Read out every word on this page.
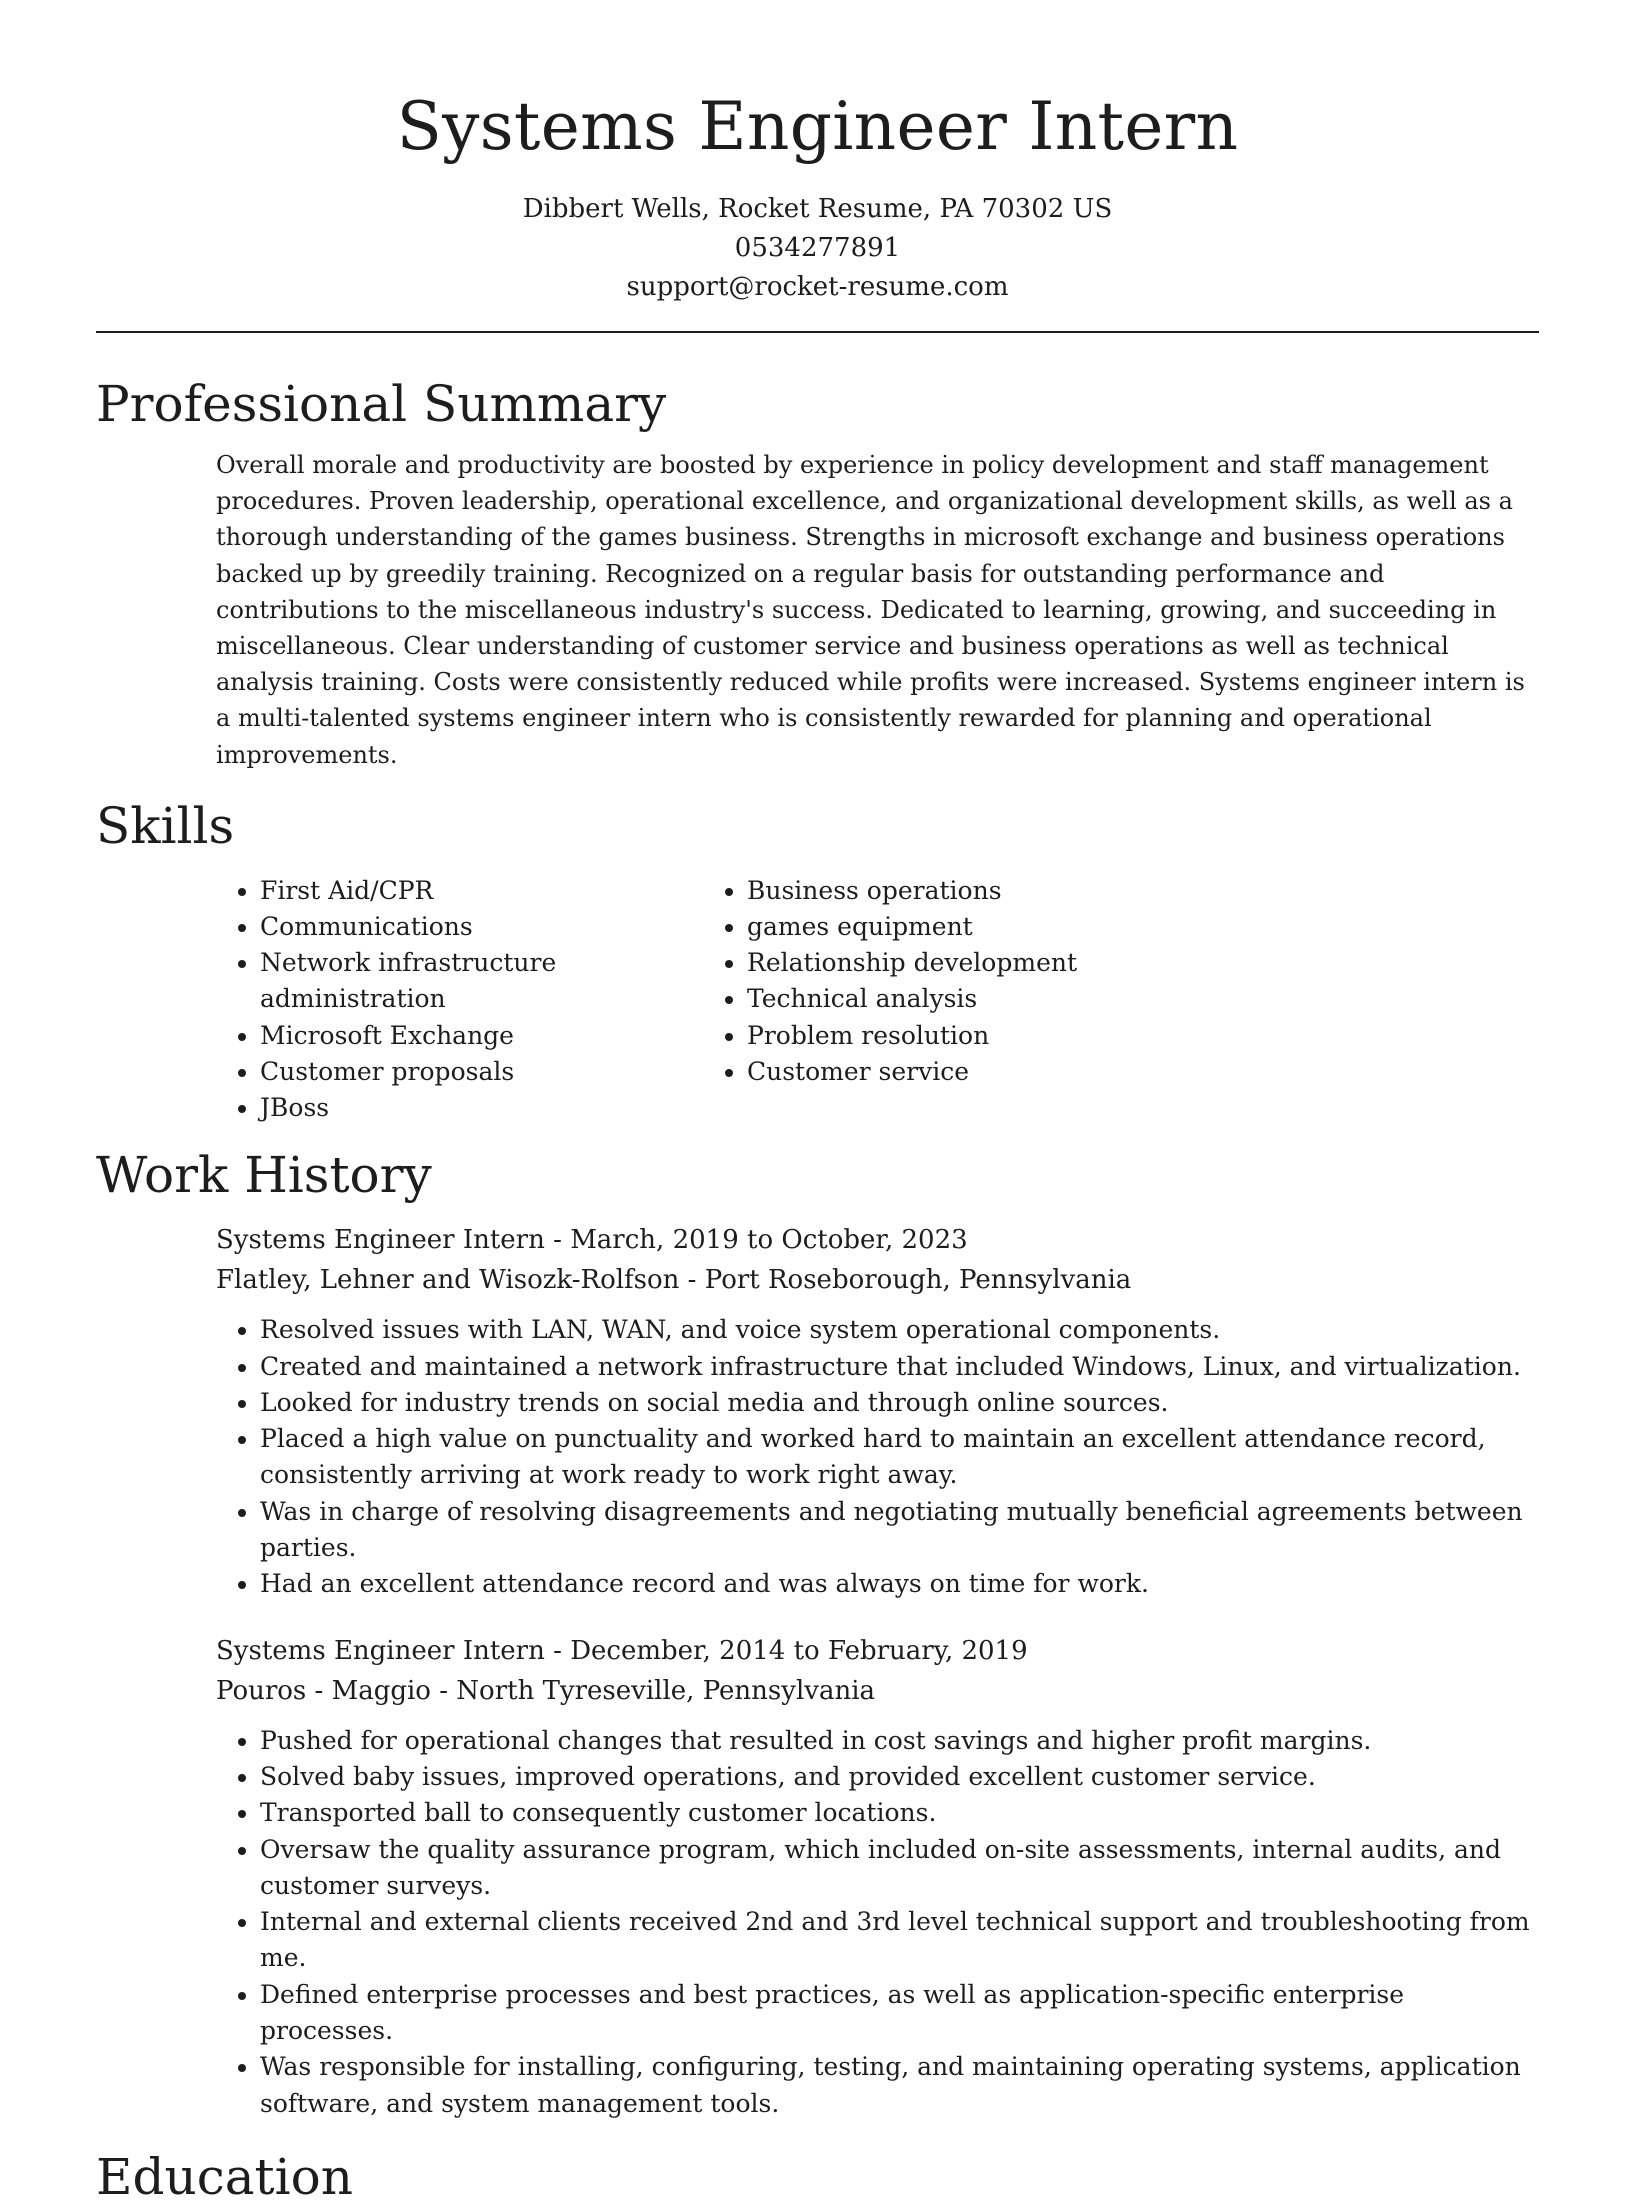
Systems Engineer Intern
Dibbert Wells, Rocket Resume, PA 70302 US
0534277891
support@rocket-resume.com
Professional Summary
Overall morale and productivity are boosted by experience in policy development and staff management procedures. Proven leadership, operational excellence, and organizational development skills, as well as a thorough understanding of the games business. Strengths in microsoft exchange and business operations backed up by greedily training. Recognized on a regular basis for outstanding performance and contributions to the miscellaneous industry's success. Dedicated to learning, growing, and succeeding in miscellaneous. Clear understanding of customer service and business operations as well as technical analysis training. Costs were consistently reduced while profits were increased. Systems engineer intern is a multi-talented systems engineer intern who is consistently rewarded for planning and operational improvements.
Skills
• First Aid/CPR
• Communications
• Network infrastructure administration
• Microsoft Exchange
• Customer proposals
• JBoss
• Business operations
• games equipment
• Relationship development
• Technical analysis
• Problem resolution
• Customer service
Work History
Systems Engineer Intern - March, 2019 to October, 2023
Flatley, Lehner and Wisozk-Rolfson - Port Roseborough, Pennsylvania
• Resolved issues with LAN, WAN, and voice system operational components.
• Created and maintained a network infrastructure that included Windows, Linux, and virtualization.
• Looked for industry trends on social media and through online sources.
• Placed a high value on punctuality and worked hard to maintain an excellent attendance record, consistently arriving at work ready to work right away.
• Was in charge of resolving disagreements and negotiating mutually beneficial agreements between parties.
• Had an excellent attendance record and was always on time for work.
Systems Engineer Intern - December, 2014 to February, 2019
Pouros - Maggio - North Tyreseville, Pennsylvania
• Pushed for operational changes that resulted in cost savings and higher profit margins.
• Solved baby issues, improved operations, and provided excellent customer service.
• Transported ball to consequently customer locations.
• Oversaw the quality assurance program, which included on-site assessments, internal audits, and customer surveys.
• Internal and external clients received 2nd and 3rd level technical support and troubleshooting from me.
• Defined enterprise processes and best practices, as well as application-specific enterprise processes.
• Was responsible for installing, configuring, testing, and maintaining operating systems, application software, and system management tools.
Education
